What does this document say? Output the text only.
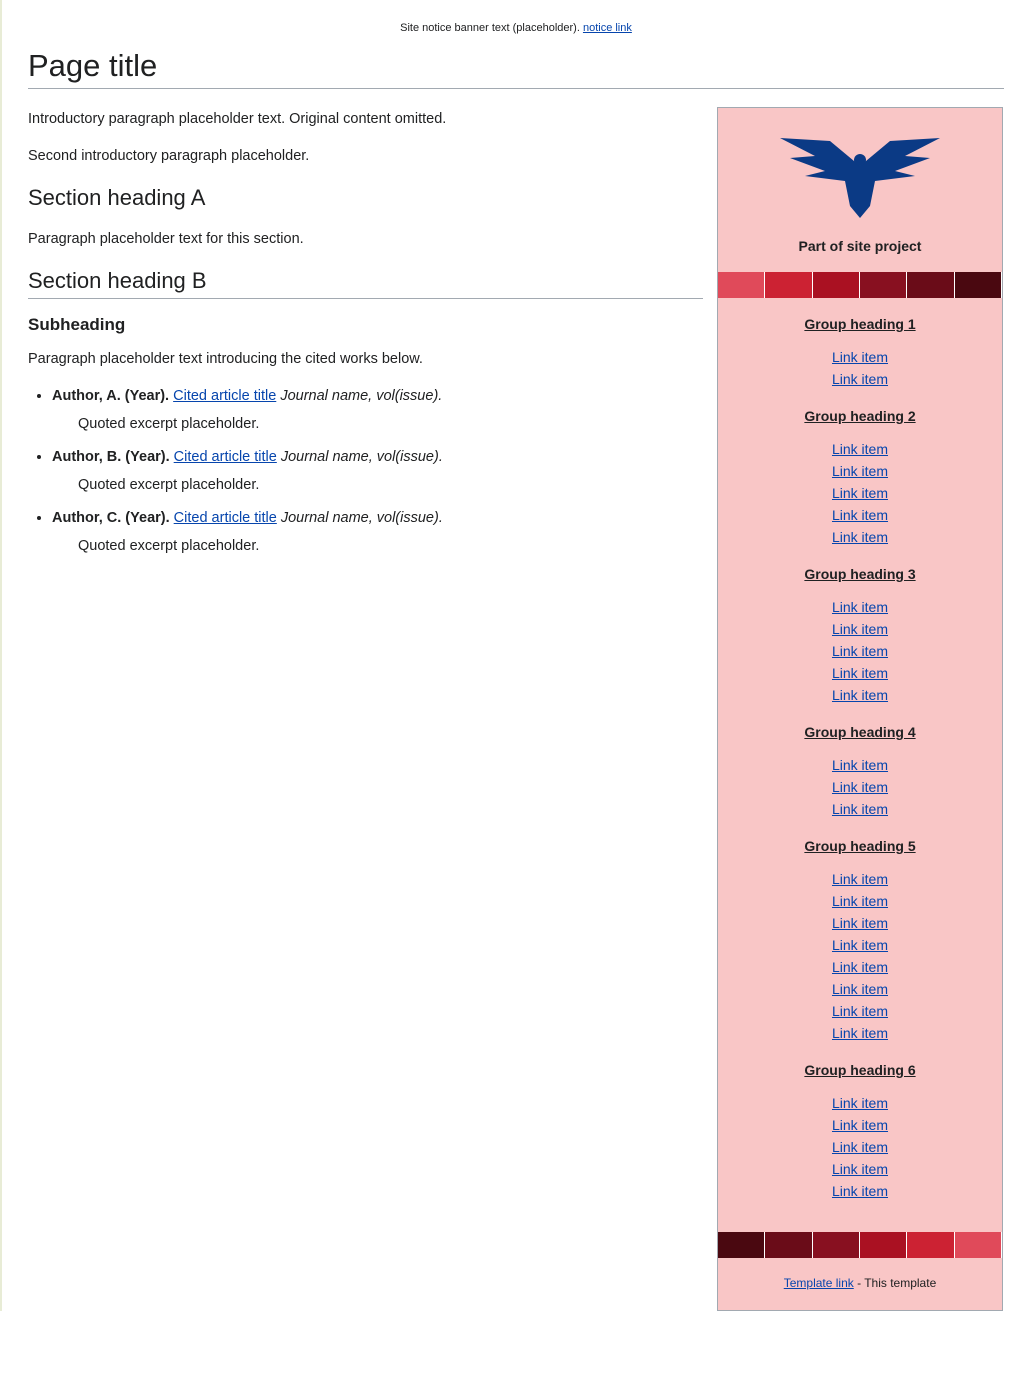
Site notice banner text (placeholder). notice link
Page title

Introductory paragraph placeholder text. Original content omitted.

Second introductory paragraph placeholder.

Section heading A

Paragraph placeholder text for this section.

Section heading B
Subheading

Paragraph placeholder text introducing the cited works below.

• Author, A. (Year). Cited article title Journal name, vol(issue).
Quoted excerpt placeholder.
• Author, B. (Year). Cited article title Journal name, vol(issue).
Quoted excerpt placeholder.
• Author, C. (Year). Cited article title Journal name, vol(issue).
Quoted excerpt placeholder.
Part of site project
Group heading 1
Link item
Link item
Group heading 2
Link item
Link item
Link item
Link item
Link item
Group heading 3
Link item
Link item
Link item
Link item
Link item
Group heading 4
Link item
Link item
Link item
Group heading 5
Link item
Link item
Link item
Link item
Link item
Link item
Link item
Link item
Group heading 6
Link item
Link item
Link item
Link item
Link item
Template link - This template
